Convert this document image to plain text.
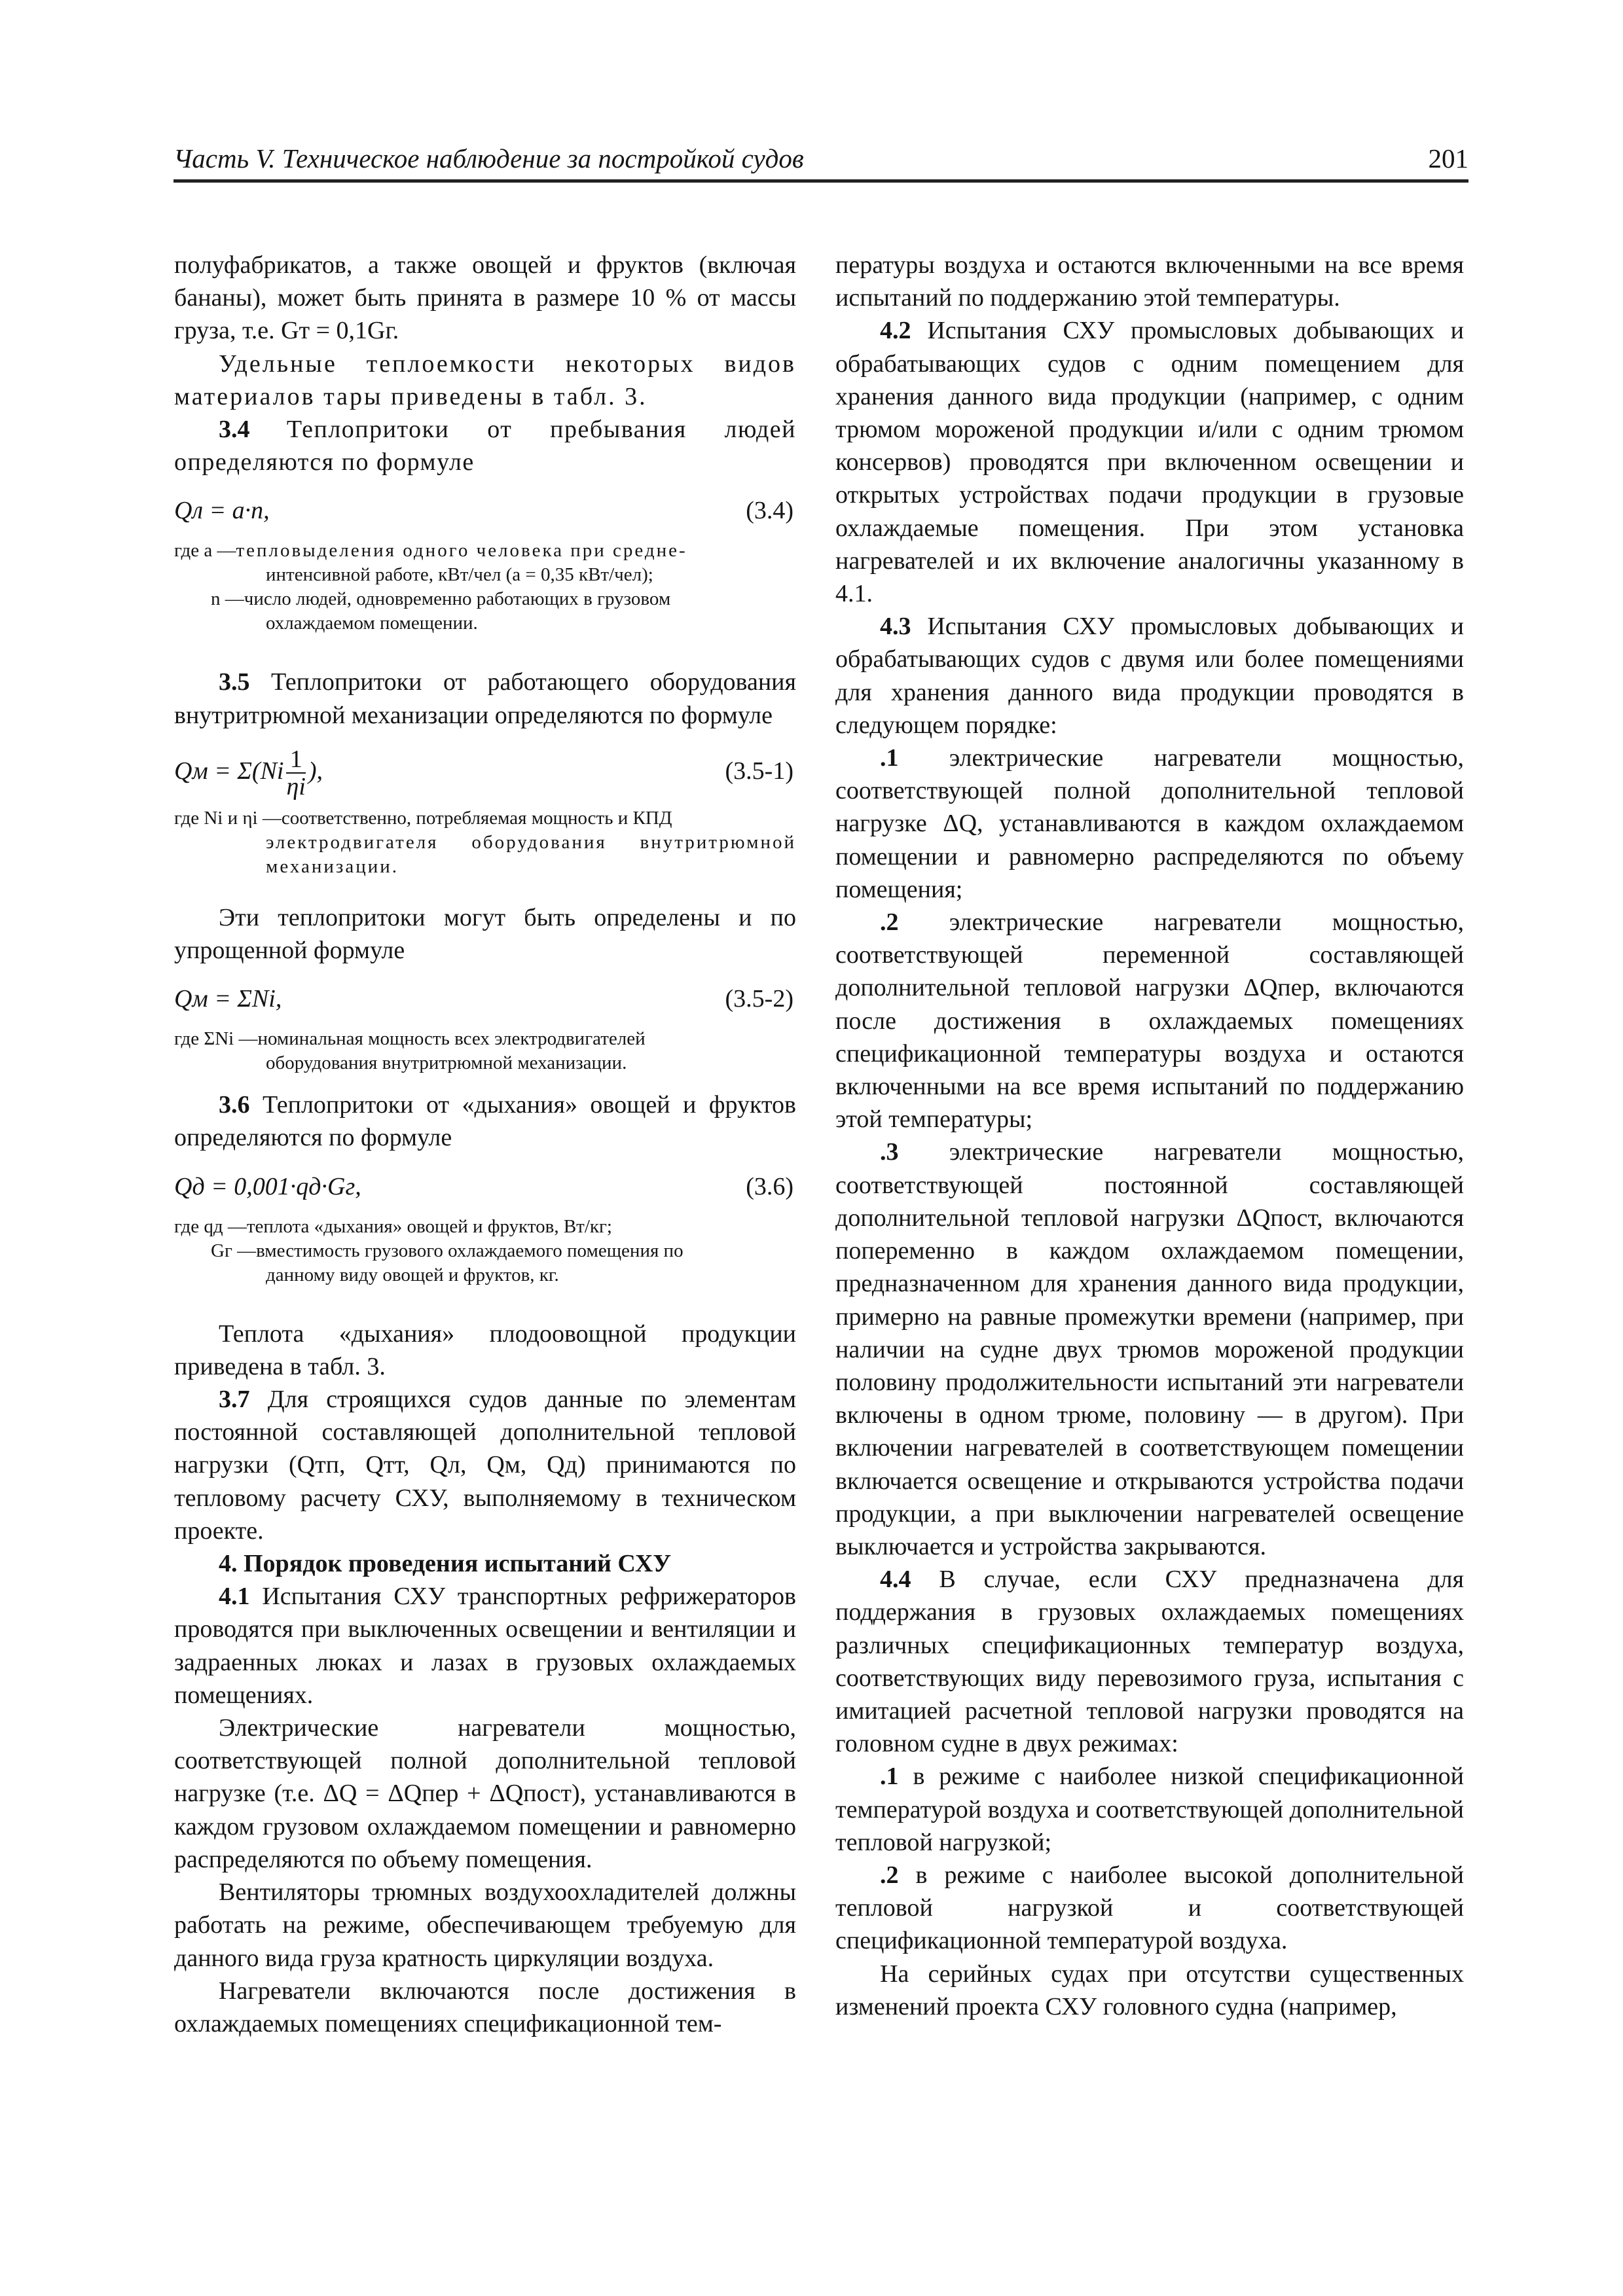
Часть V. Техническое наблюдение за постройкой судов	201

полуфабрикатов, а также овощей и фруктов (включая бананы), может быть принята в размере 10 % от массы груза, т.е. Gт = 0,1Gг.

Удельные теплоемкости некоторых видов материалов тары приведены в табл. 3.

3.4 Теплопритоки от пребывания людей определяются по формуле

Qл = a·n,	(3.4)
где a — тепловыделения одного человека при средне-
интенсивной работе, кВт/чел (a = 0,35 кВт/чел);
n — число людей, одновременно работающих в грузовом
охлаждаемом помещении.

3.5 Теплопритоки от работающего оборудования внутритрюмной механизации определяются по формуле

Qм = $\Sigma(Ni \frac{1}{\eta i}$ ),	(3.5-1)
где Ni и ηi — соответственно, потребляемая мощность и КПД
электродвигателя оборудования внутритрюмной механизации.

Эти теплопритоки могут быть определены и по упрощенной формуле

Qм = ΣNi,	(3.5-2)
где ΣNi — номинальная мощность всех электродвигателей
оборудования внутритрюмной механизации.

3.6 Теплопритоки от «дыхания» овощей и фруктов определяются по формуле

Qд = 0,001·qд·Gг,	(3.6)
где qд — теплота «дыхания» овощей и фруктов, Вт/кг;
Gг — вместимость грузового охлаждаемого помещения по
данному виду овощей и фруктов, кг.

Теплота «дыхания» плодоовощной продукции приведена в табл. 3.

3.7 Для строящихся судов данные по элементам постоянной составляющей дополнительной тепловой нагрузки (Qтп, Qтт, Qл, Qм, Qд) принимаются по тепловому расчету СХУ, выполняемому в техническом проекте.

4. Порядок проведения испытаний СХУ

4.1 Испытания СХУ транспортных рефрижераторов проводятся при выключенных освещении и вентиляции и задраенных люках и лазах в грузовых охлаждаемых помещениях.

Электрические нагреватели мощностью, соответствующей полной дополнительной тепловой нагрузке (т.е. ΔQ = ΔQпер + ΔQпост), устанавливаются в каждом грузовом охлаждаемом помещении и равномерно распределяются по объему помещения.

Вентиляторы трюмных воздухоохладителей должны работать на режиме, обеспечивающем требуемую для данного вида груза кратность циркуляции воздуха.

Нагреватели включаются после достижения в охлаждаемых помещениях спецификационной тем-

пературы воздуха и остаются включенными на все время испытаний по поддержанию этой температуры.

4.2 Испытания СХУ промысловых добывающих и обрабатывающих судов с одним помещением для хранения данного вида продукции (например, с одним трюмом мороженой продукции и/или с одним трюмом консервов) проводятся при включенном освещении и открытых устройствах подачи продукции в грузовые охлаждаемые помещения. При этом установка нагревателей и их включение аналогичны указанному в 4.1.

4.3 Испытания СХУ промысловых добывающих и обрабатывающих судов с двумя или более помещениями для хранения данного вида продукции проводятся в следующем порядке:

.1 электрические нагреватели мощностью, соответствующей полной дополнительной тепловой нагрузке ΔQ, устанавливаются в каждом охлаждаемом помещении и равномерно распределяются по объему помещения;

.2 электрические нагреватели мощностью, соответствующей переменной составляющей дополнительной тепловой нагрузки ΔQпер, включаются после достижения в охлаждаемых помещениях спецификационной температуры воздуха и остаются включенными на все время испытаний по поддержанию этой температуры;

.3 электрические нагреватели мощностью, соответствующей постоянной составляющей дополнительной тепловой нагрузки ΔQпост, включаются попеременно в каждом охлаждаемом помещении, предназначенном для хранения данного вида продукции, примерно на равные промежутки времени (например, при наличии на судне двух трюмов мороженой продукции половину продолжительности испытаний эти нагреватели включены в одном трюме, половину — в другом). При включении нагревателей в соответствующем помещении включается освещение и открываются устройства подачи продукции, а при выключении нагревателей освещение выключается и устройства закрываются.

4.4 В случае, если СХУ предназначена для поддержания в грузовых охлаждаемых помещениях различных спецификационных температур воздуха, соответствующих виду перевозимого груза, испытания с имитацией расчетной тепловой нагрузки проводятся на головном судне в двух режимах:

.1 в режиме с наиболее низкой спецификационной температурой воздуха и соответствующей дополнительной тепловой нагрузкой;

.2 в режиме с наиболее высокой дополнительной тепловой нагрузкой и соответствующей спецификационной температурой воздуха.

На серийных судах при отсутстви существенных изменений проекта СХУ головного судна (например,
